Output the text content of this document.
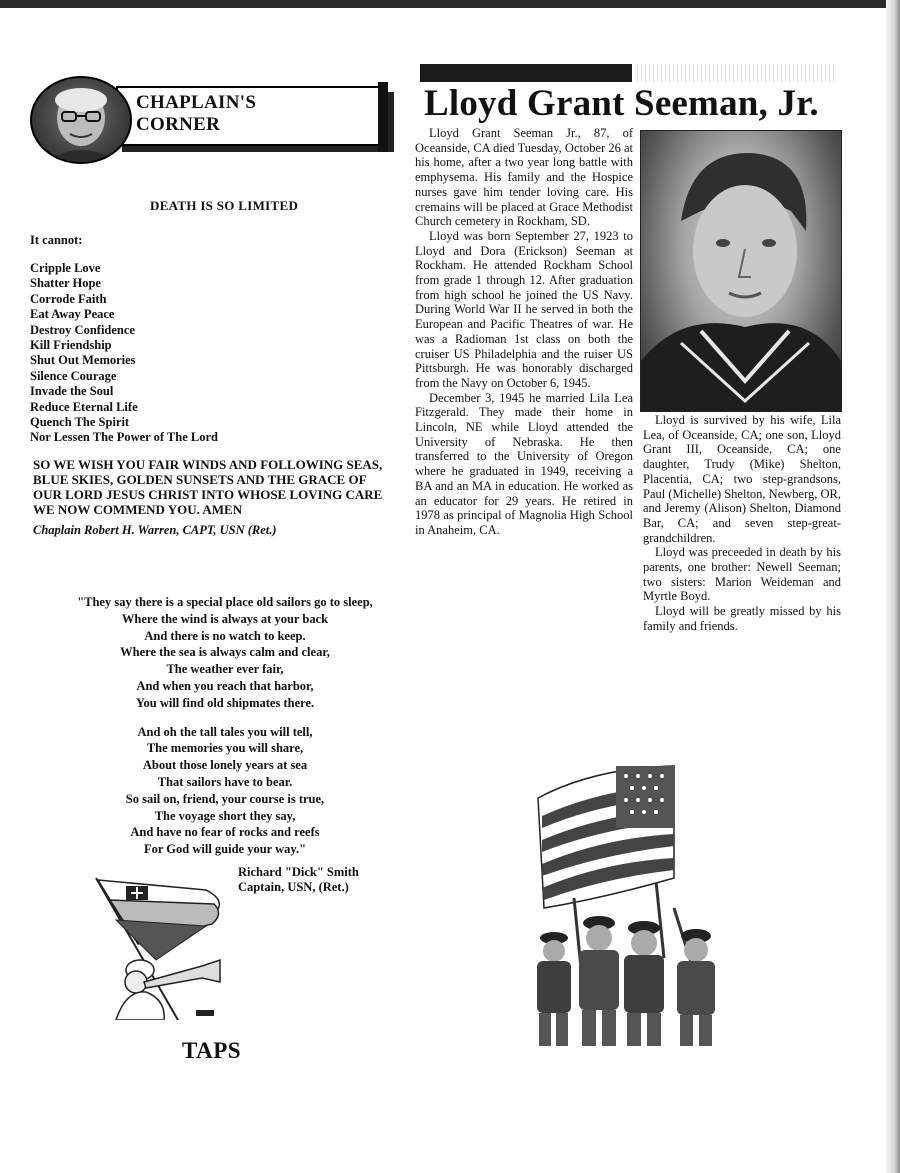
CHAPLAIN'S
CORNER
DEATH IS SO LIMITED
It cannot:
Cripple Love
Shatter Hope
Corrode Faith
Eat Away Peace
Destroy Confidence
Kill Friendship
Shut Out Memories
Silence Courage
Invade the Soul
Reduce Eternal Life
Quench The Spirit
Nor Lessen The Power of The Lord
SO WE WISH YOU FAIR WINDS AND FOLLOWING SEAS, BLUE SKIES, GOLDEN SUNSETS AND THE GRACE OF OUR LORD JESUS CHRIST INTO WHOSE LOVING CARE WE NOW COMMEND YOU. AMEN
Chaplain Robert H. Warren, CAPT, USN (Ret.)
"They say there is a special place old sailors go to sleep,
Where the wind is always at your back
And there is no watch to keep.
Where the sea is always calm and clear,
The weather ever fair,
And when you reach that harbor,
You will find old shipmates there.
And oh the tall tales you will tell,
The memories you will share,
About those lonely years at sea
That sailors have to bear.
So sail on, friend, your course is true,
The voyage short they say,
And have no fear of rocks and reefs
For God will guide your way."
Richard "Dick" Smith
Captain, USN, (Ret.)
TAPS
Lloyd Grant Seeman, Jr.

Lloyd Grant Seeman Jr., 87, of Oceanside, CA died Tuesday, October 26 at his home, after a two year long battle with emphysema. His family and the Hospice nurses gave him tender loving care. His cremains will be placed at Grace Methodist Church cemetery in Rockham, SD.

Lloyd was born September 27, 1923 to Lloyd and Dora (Erickson) Seeman at Rockham. He attended Rockham School from grade 1 through 12. After graduation from high school he joined the US Navy. During World War II he served in both the European and Pacific Theatres of war. He was a Radioman 1st class on both the cruiser US Philadelphia and the ruiser US Pittsburgh. He was honorably discharged from the Navy on October 6, 1945.

December 3, 1945 he married Lila Lea Fitzgerald. They made their home in Lincoln, NE while Lloyd attended the University of Nebraska. He then transferred to the University of Oregon where he graduated in 1949, receiving a BA and an MA in education. He worked as an educator for 29 years. He retired in 1978 as principal of Magnolia High School in Anaheim, CA.

Lloyd is survived by his wife, Lila Lea, of Oceanside, CA; one son, Lloyd Grant III, Oceanside, CA; one daughter, Trudy (Mike) Shelton, Placentia, CA; two step-grandsons, Paul (Michelle) Shelton, Newberg, OR, and Jeremy (Alison) Shelton, Diamond Bar, CA; and seven step-great-grandchildren.

Lloyd was preceeded in death by his parents, one brother: Newell Seeman; two sisters: Marion Weideman and Myrtle Boyd.

Lloyd will be greatly missed by his family and friends.
